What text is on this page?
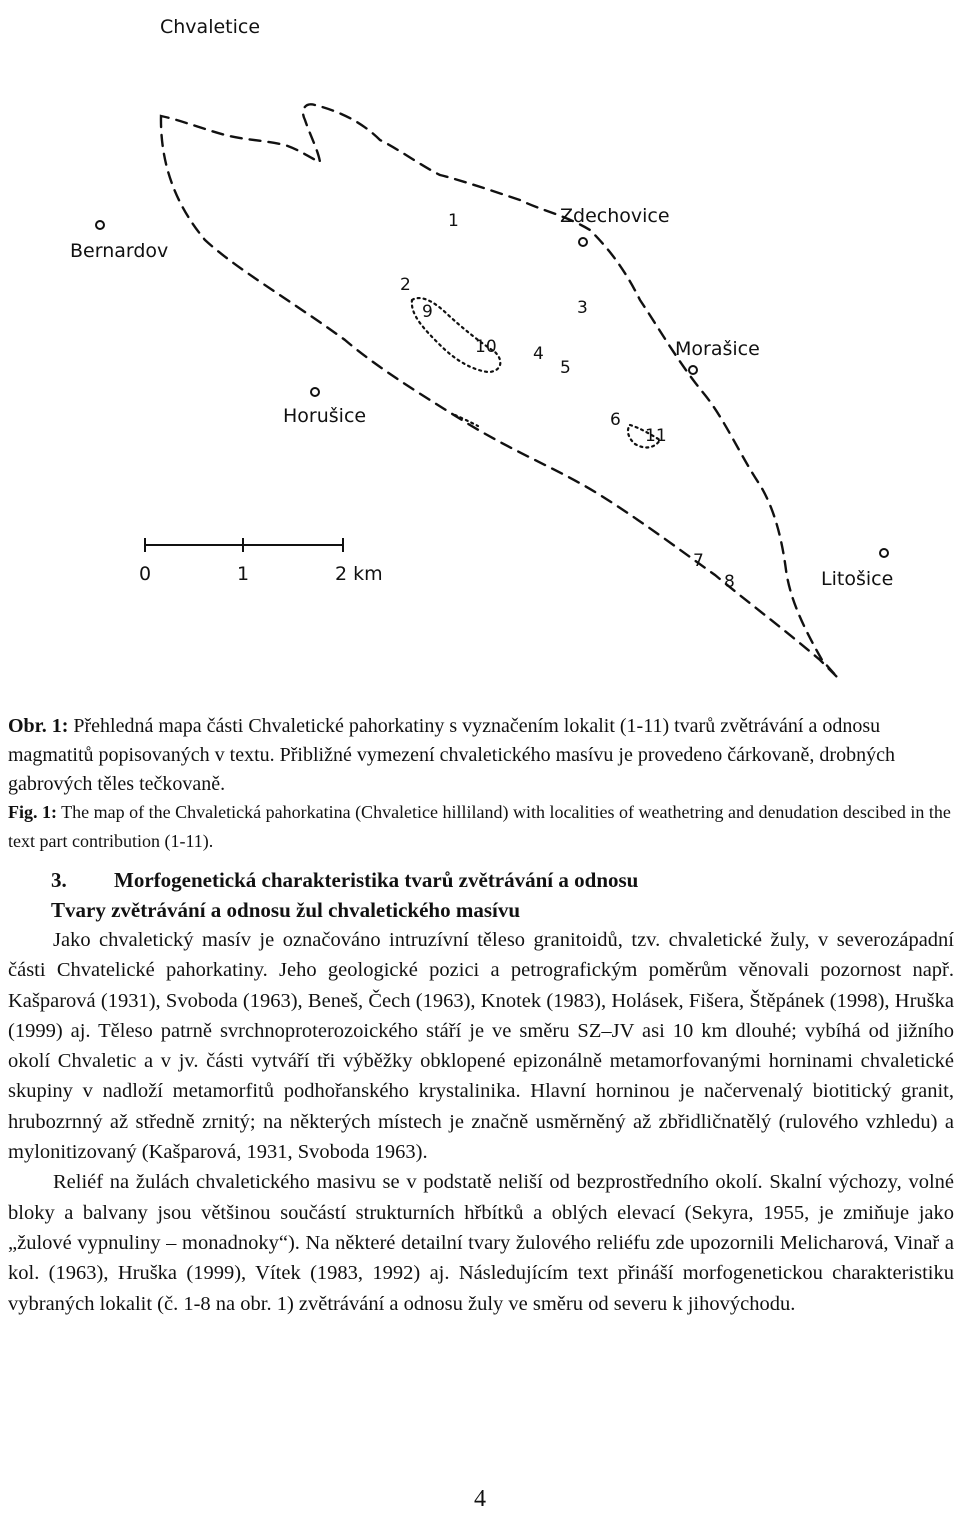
Chvaletice
Bernardov
Zdechovice
Morašice
Horušice
Litošice
1
2
3
4
5
6
7
8
9
10
11
0	1	2 km
Obr. 1: Přehledná mapa části Chvaletické pahorkatiny s vyznačením lokalit (1-11) tvarů zvětrávání a odnosu magmatitů popisovaných v textu. Přibližné vymezení chvaletického masívu je provedeno čárkovaně, drobných gabrových těles tečkovaně.
Fig. 1: The map of the Chvaletická pahorkatina (Chvaletice hilliland) with localities of weathetring and denudation descibed in the text part contribution (1-11).
3. Morfogenetická charakteristika tvarů zvětrávání a odnosu
Tvary zvětrávání a odnosu žul chvaletického masívu

Jako chvaletický masív je označováno intruzívní těleso granitoidů, tzv. chvaletické žuly, v severozápadní části Chvatelické pahorkatiny. Jeho geologické pozici a petrografickým poměrům věnovali pozornost např. Kašparová (1931), Svoboda (1963), Beneš, Čech (1963), Knotek (1983), Holásek, Fišera, Štěpánek (1998), Hruška (1999) aj. Těleso patrně svrchnoproterozoického stáří je ve směru SZ–JV asi 10 km dlouhé; vybíhá od jižního okolí Chvaletic a v jv. části vytváří tři výběžky obklopené epizonálně metamorfovanými horninami chvaletické skupiny v nadloží metamorfitů podhořanského krystalinika. Hlavní horninou je načervenalý biotitický granit, hrubozrnný až středně zrnitý; na některých místech je značně usměrněný až zbřidličnatělý (rulového vzhledu) a mylonitizovaný (Kašparová, 1931, Svoboda 1963).

Reliéf na žulách chvaletického masivu se v podstatě neliší od bezprostředního okolí. Skalní výchozy, volné bloky a balvany jsou většinou součástí strukturních hřbítků a oblých elevací (Sekyra, 1955, je zmiňuje jako „žulové vypnuliny – monadnoky“). Na některé detailní tvary žulového reliéfu zde upozornili Melicharová, Vinař a kol. (1963), Hruška (1999), Vítek (1983, 1992) aj. Následujícím text přináší morfogenetickou charakteristiku vybraných lokalit (č. 1-8 na obr. 1) zvětrávání a odnosu žuly ve směru od severu k jihovýchodu.

4
